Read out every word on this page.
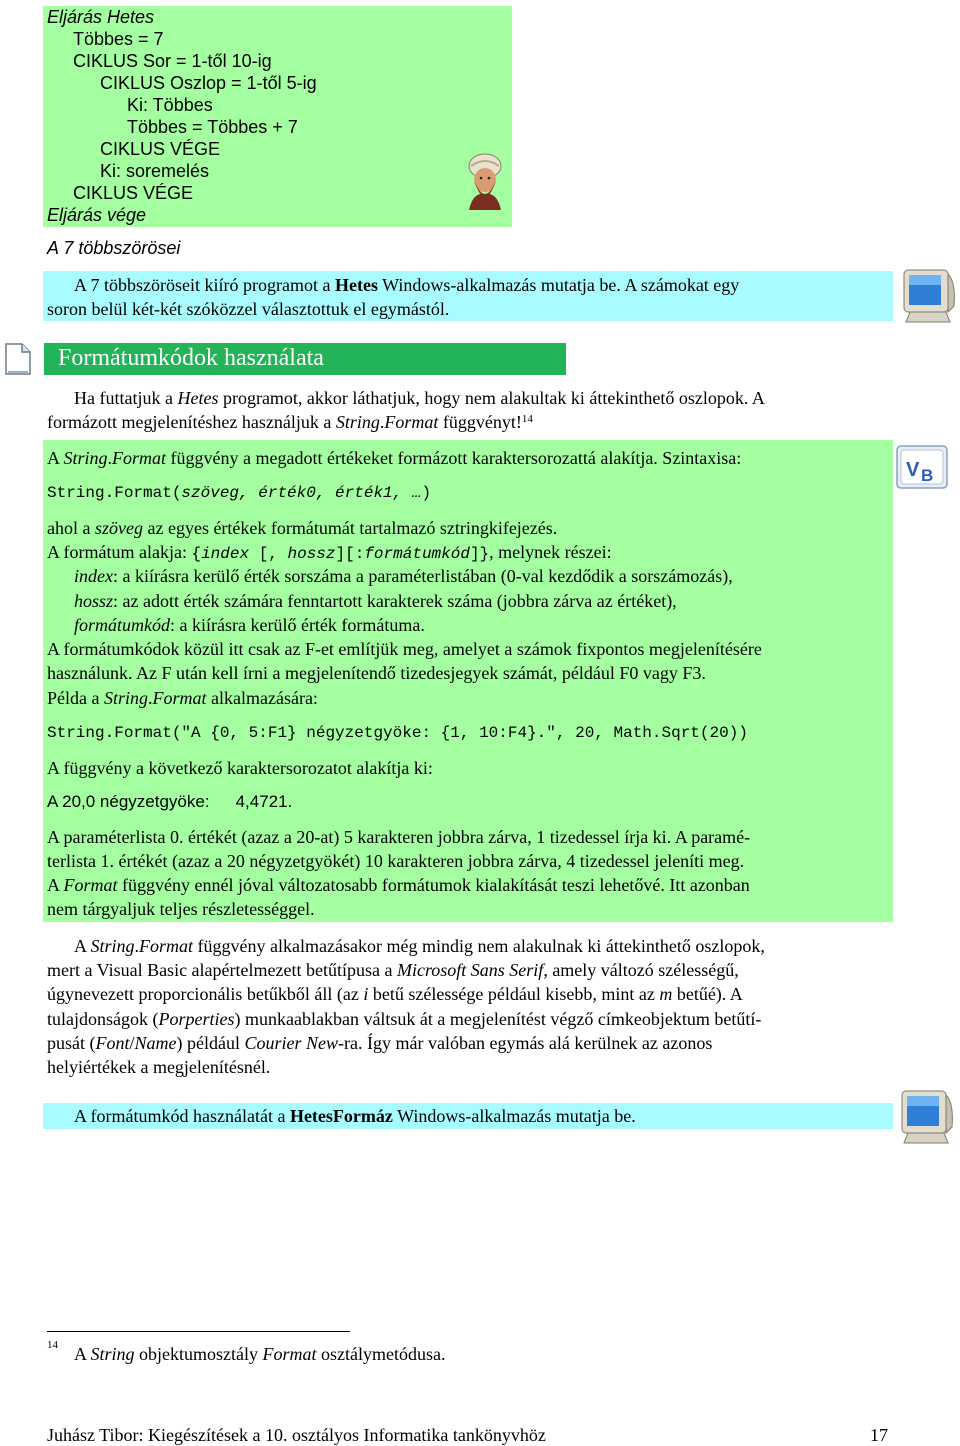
Eljárás Hetes
Többes = 7
CIKLUS Sor = 1-től 10-ig
CIKLUS Oszlop = 1-től 5-ig
Ki: Többes
Többes = Többes + 7
CIKLUS VÉGE
Ki: soremelés
CIKLUS VÉGE
Eljárás vége
A 7 többszörösei
A 7 többszöröseit kiíró programot a Hetes Windows-alkalmazás mutatja be. A számokat egy
soron belül két-két szóközzel választottuk el egymástól.
Formátumkódok használata
Ha futtatjuk a Hetes programot, akkor láthatjuk, hogy nem alakultak ki áttekinthető oszlopok. A
formázott megjelenítéshez használjuk a String.Format függvényt!$^{14}$
A String.Format függvény a megadott értékeket formázott karaktersorozattá alakítja. Szintaxisa:
String.Format(szöveg, érték0, érték1, …)
ahol a szöveg az egyes értékek formátumát tartalmazó sztringkifejezés.
A formátum alakja: {index [, hossz][:formátumkód]}, melynek részei:
index: a kiírásra kerülő érték sorszáma a paraméterlistában (0-val kezdődik a sorszámozás),
hossz: az adott érték számára fenntartott karakterek száma (jobbra zárva az értéket),
formátumkód: a kiírásra kerülő érték formátuma.
A formátumkódok közül itt csak az F-et említjük meg, amelyet a számok fixpontos megjelenítésére
használunk. Az F után kell írni a megjelenítendő tizedesjegyek számát, például F0 vagy F3.
Példa a String.Format alkalmazására:
String.Format("A {0, 5:F1} négyzetgyöke: {1, 10:F4}.", 20, Math.Sqrt(20))
A függvény a következő karaktersorozatot alakítja ki:
A 20,0 négyzetgyöke: 4,4721.
A paraméterlista 0. értékét (azaz a 20-at) 5 karakteren jobbra zárva, 1 tizedessel írja ki. A paramé-
terlista 1. értékét (azaz a 20 négyzetgyökét) 10 karakteren jobbra zárva, 4 tizedessel jeleníti meg.
A Format függvény ennél jóval változatosabb formátumok kialakítását teszi lehetővé. Itt azonban
nem tárgyaljuk teljes részletességgel.
V B
A String.Format függvény alkalmazásakor még mindig nem alakulnak ki áttekinthető oszlopok,
mert a Visual Basic alapértelmezett betűtípusa a Microsoft Sans Serif, amely változó szélességű,
úgynevezett proporcionális betűkből áll (az i betű szélessége például kisebb, mint az m betűé). A
tulajdonságok (Porperties) munkaablakban váltsuk át a megjelenítést végző címkeobjektum betűtí-
pusát (Font/Name) például Courier New-ra. Így már valóban egymás alá kerülnek az azonos
helyiértékek a megjelenítésnél.
A formátumkód használatát a HetesFormáz Windows-alkalmazás mutatja be.
14 A String objektumosztály Format osztálymetódusa.
Juhász Tibor: Kiegészítések a 10. osztályos Informatika tankönyvhöz	17
